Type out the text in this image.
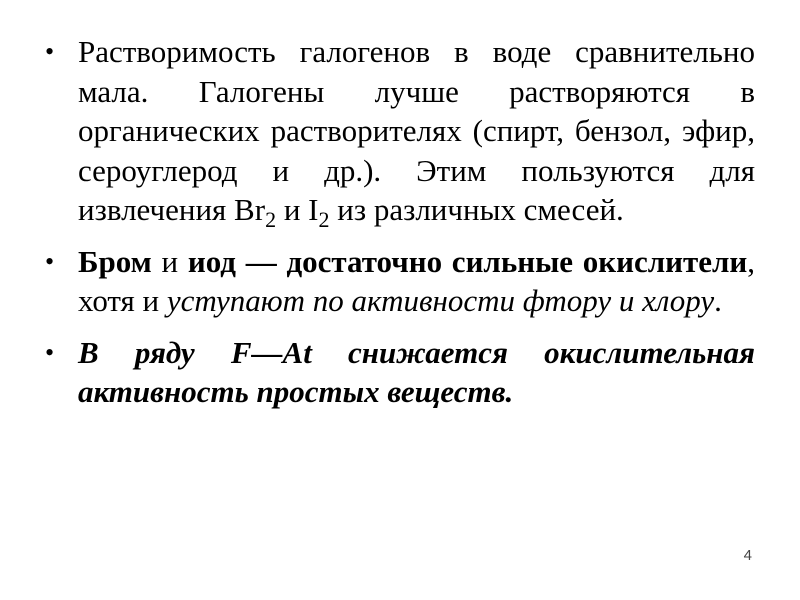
• Растворимость галогенов в воде сравнительно мала. Галогены лучше растворяются в органических растворителях (спирт, бензол, эфир, сероуглерод и др.). Этим пользуются для извлечения $Br_2$ и $I_2$ из различных смесей.
• Бром и иод — достаточно сильные окислители, хотя и уступают по активности фтору и хлору.
• В ряду F—At снижается окислительная активность простых веществ.
4
